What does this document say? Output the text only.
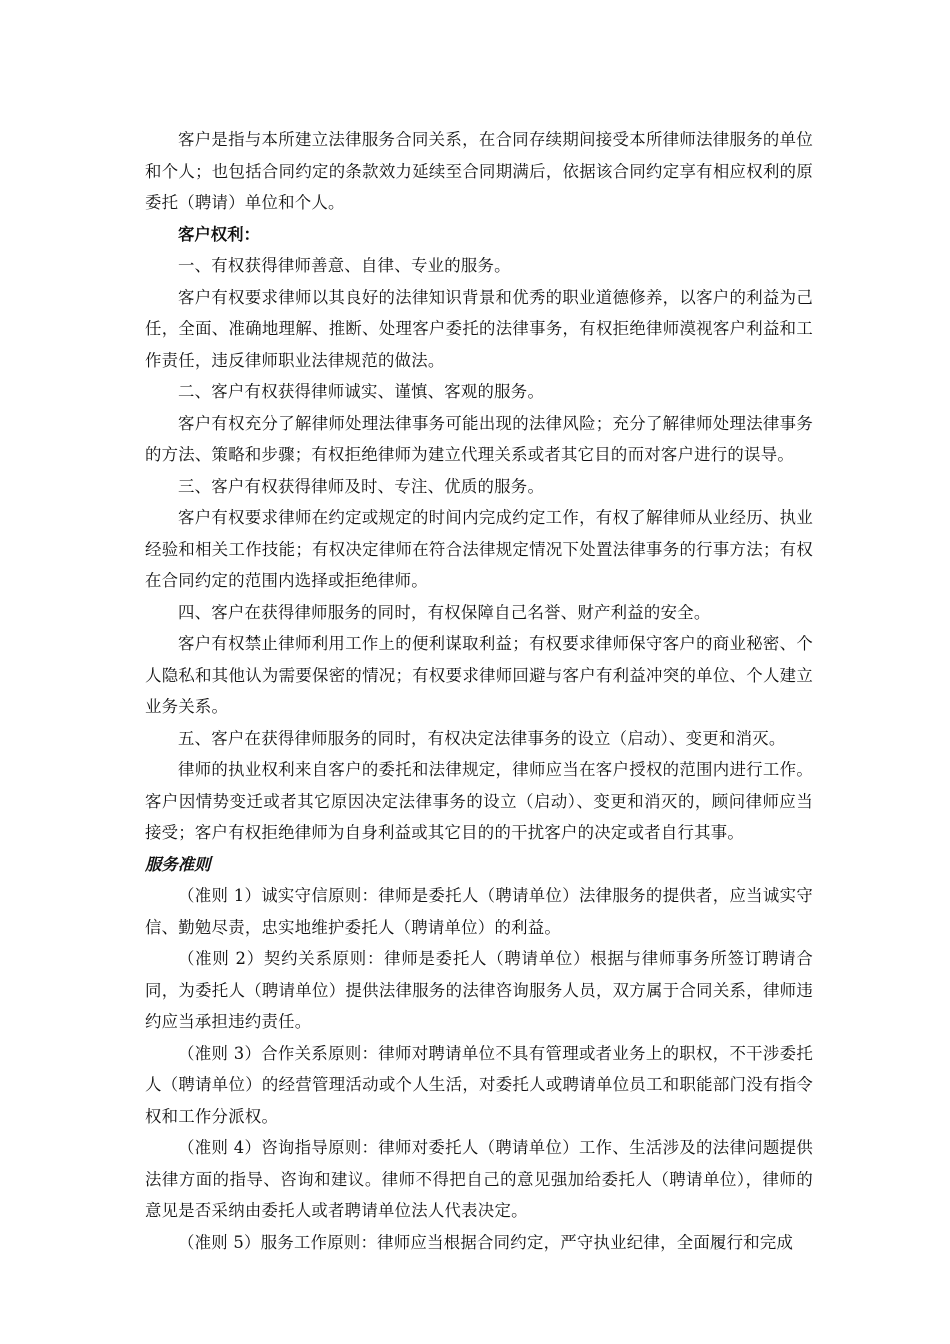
客户是指与本所建立法律服务合同关系，在合同存续期间接受本所律师法律服务的单位和个人；也包括合同约定的条款效力延续至合同期满后，依据该合同约定享有相应权利的原委托（聘请）单位和个人。

客户权利：

一、有权获得律师善意、自律、专业的服务。

客户有权要求律师以其良好的法律知识背景和优秀的职业道德修养，以客户的利益为己任，全面、准确地理解、推断、处理客户委托的法律事务，有权拒绝律师漠视客户利益和工作责任，违反律师职业法律规范的做法。

二、客户有权获得律师诚实、谨慎、客观的服务。

客户有权充分了解律师处理法律事务可能出现的法律风险；充分了解律师处理法律事务的方法、策略和步骤；有权拒绝律师为建立代理关系或者其它目的而对客户进行的误导。

三、客户有权获得律师及时、专注、优质的服务。

客户有权要求律师在约定或规定的时间内完成约定工作，有权了解律师从业经历、执业经验和相关工作技能；有权决定律师在符合法律规定情况下处置法律事务的行事方法；有权在合同约定的范围内选择或拒绝律师。

四、客户在获得律师服务的同时，有权保障自己名誉、财产利益的安全。

客户有权禁止律师利用工作上的便利谋取利益；有权要求律师保守客户的商业秘密、个人隐私和其他认为需要保密的情况；有权要求律师回避与客户有利益冲突的单位、个人建立业务关系。

五、客户在获得律师服务的同时，有权决定法律事务的设立（启动）、变更和消灭。

律师的执业权利来自客户的委托和法律规定，律师应当在客户授权的范围内进行工作。客户因情势变迁或者其它原因决定法律事务的设立（启动）、变更和消灭的，顾问律师应当接受；客户有权拒绝律师为自身利益或其它目的的干扰客户的决定或者自行其事。

服务准则

（准则 1）诚实守信原则：律师是委托人（聘请单位）法律服务的提供者，应当诚实守信、勤勉尽责，忠实地维护委托人（聘请单位）的利益。

（准则 2）契约关系原则：律师是委托人（聘请单位）根据与律师事务所签订聘请合同，为委托人（聘请单位）提供法律服务的法律咨询服务人员，双方属于合同关系，律师违约应当承担违约责任。

（准则 3）合作关系原则：律师对聘请单位不具有管理或者业务上的职权，不干涉委托人（聘请单位）的经营管理活动或个人生活，对委托人或聘请单位员工和职能部门没有指令权和工作分派权。

（准则 4）咨询指导原则：律师对委托人（聘请单位）工作、生活涉及的法律问题提供法律方面的指导、咨询和建议。律师不得把自己的意见强加给委托人（聘请单位），律师的意见是否采纳由委托人或者聘请单位法人代表决定。

（准则 5）服务工作原则：律师应当根据合同约定，严守执业纪律，全面履行和完成
